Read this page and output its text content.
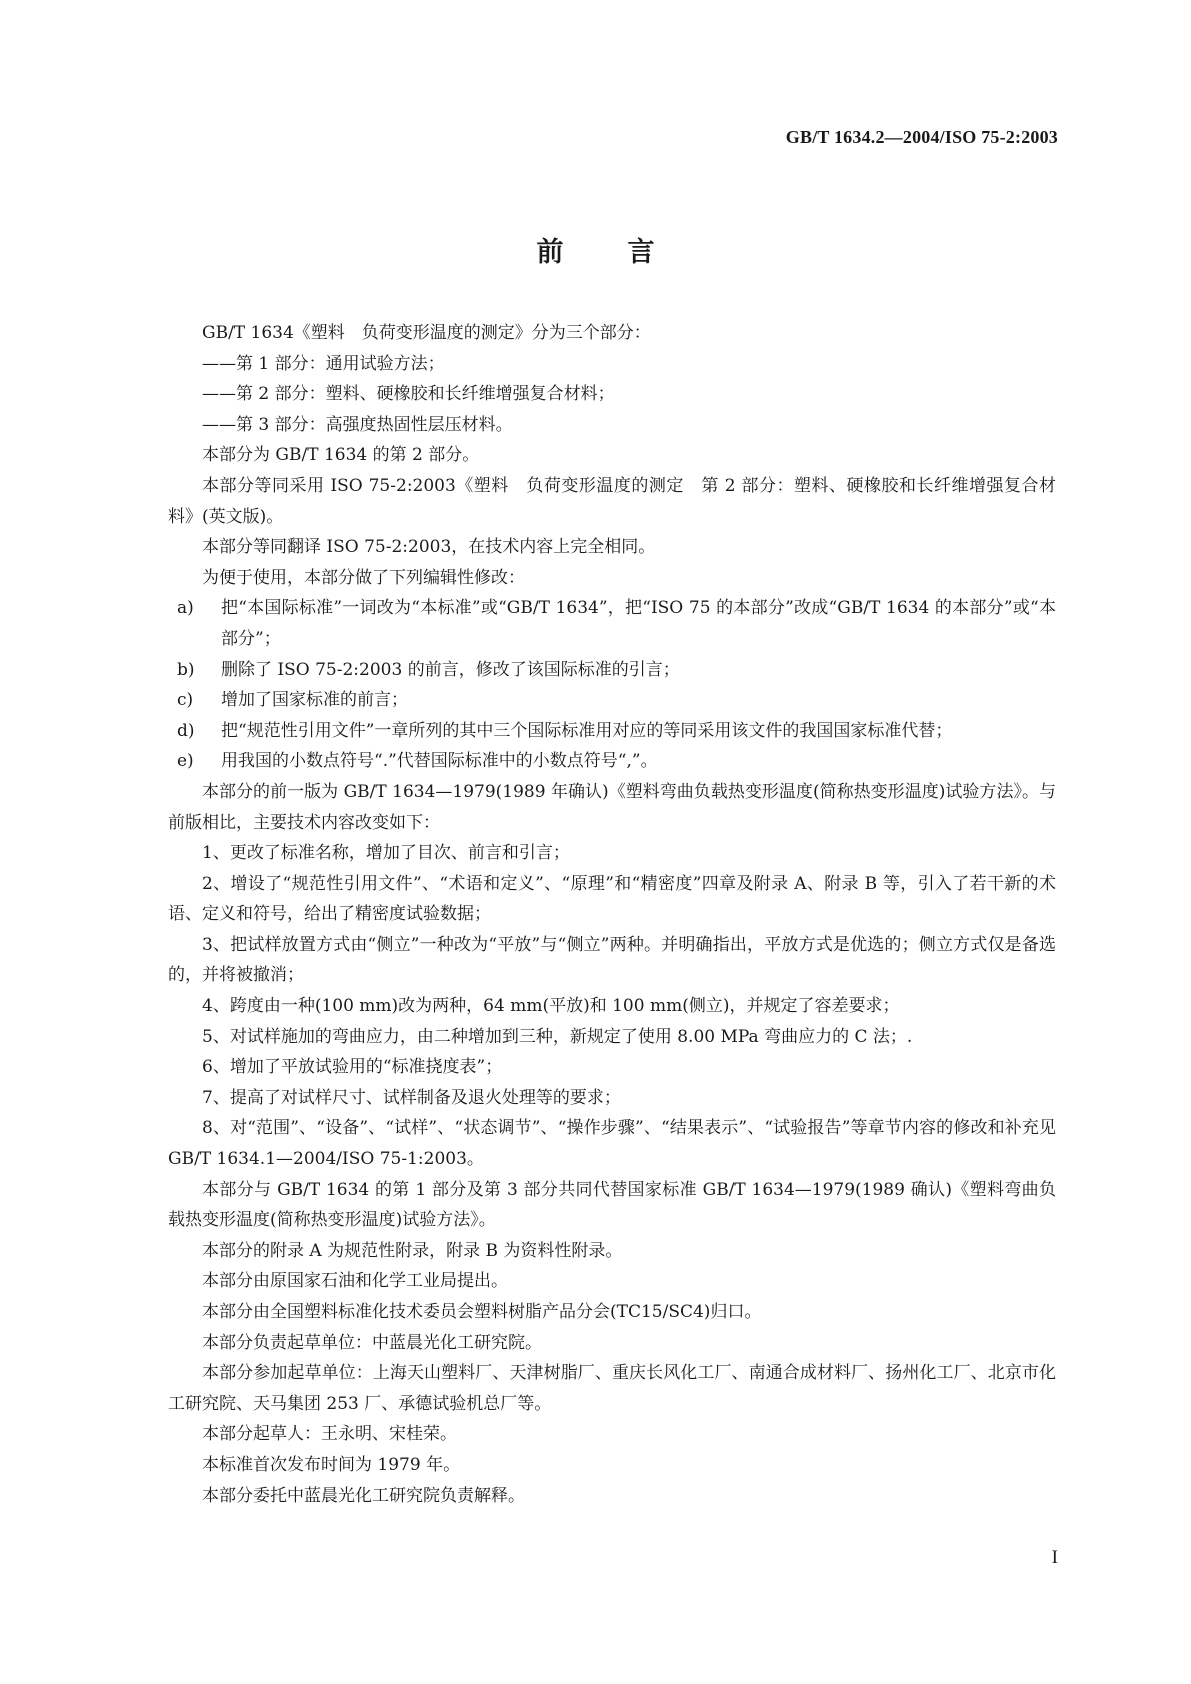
GB/T 1634.2—2004/ISO 75-2:2003
前言

GB/T 1634《塑料　负荷变形温度的测定》分为三个部分：

——第 1 部分：通用试验方法；

——第 2 部分：塑料、硬橡胶和长纤维增强复合材料；

——第 3 部分：高强度热固性层压材料。

本部分为 GB/T 1634 的第 2 部分。

本部分等同采用 ISO 75-2:2003《塑料　负荷变形温度的测定　第 2 部分：塑料、硬橡胶和长纤维增强复合材料》(英文版)。

本部分等同翻译 ISO 75-2:2003，在技术内容上完全相同。

为便于使用，本部分做了下列编辑性修改：

a) 把“本国际标准”一词改为“本标准”或“GB/T 1634”，把“ISO 75 的本部分”改成“GB/T 1634 的本部分”或“本部分”；
b) 删除了 ISO 75-2:2003 的前言，修改了该国际标准的引言；
c) 增加了国家标准的前言；
d) 把“规范性引用文件”一章所列的其中三个国际标准用对应的等同采用该文件的我国国家标准代替；
e) 用我国的小数点符号“.”代替国际标准中的小数点符号“,”。

本部分的前一版为 GB/T 1634—1979(1989 年确认)《塑料弯曲负载热变形温度(简称热变形温度)试验方法》。与前版相比，主要技术内容改变如下：

1、更改了标准名称，增加了目次、前言和引言；

2、增设了“规范性引用文件”、“术语和定义”、“原理”和“精密度”四章及附录 A、附录 B 等，引入了若干新的术语、定义和符号，给出了精密度试验数据；

3、把试样放置方式由“侧立”一种改为“平放”与“侧立”两种。并明确指出，平放方式是优选的；侧立方式仅是备选的，并将被撤消；

4、跨度由一种(100 mm)改为两种，64 mm(平放)和 100 mm(侧立)，并规定了容差要求；

5、对试样施加的弯曲应力，由二种增加到三种，新规定了使用 8.00 MPa 弯曲应力的 C 法；.

6、增加了平放试验用的“标准挠度表”；

7、提高了对试样尺寸、试样制备及退火处理等的要求；

8、对“范围”、“设备”、“试样”、“状态调节”、“操作步骤”、“结果表示”、“试验报告”等章节内容的修改和补充见 GB/T 1634.1—2004/ISO 75-1:2003。

本部分与 GB/T 1634 的第 1 部分及第 3 部分共同代替国家标准 GB/T 1634—1979(1989 确认)《塑料弯曲负载热变形温度(简称热变形温度)试验方法》。

本部分的附录 A 为规范性附录，附录 B 为资料性附录。

本部分由原国家石油和化学工业局提出。

本部分由全国塑料标准化技术委员会塑料树脂产品分会(TC15/SC4)归口。

本部分负责起草单位：中蓝晨光化工研究院。

本部分参加起草单位：上海天山塑料厂、天津树脂厂、重庆长风化工厂、南通合成材料厂、扬州化工厂、北京市化工研究院、天马集团 253 厂、承德试验机总厂等。

本部分起草人：王永明、宋桂荣。

本标准首次发布时间为 1979 年。

本部分委托中蓝晨光化工研究院负责解释。

I
